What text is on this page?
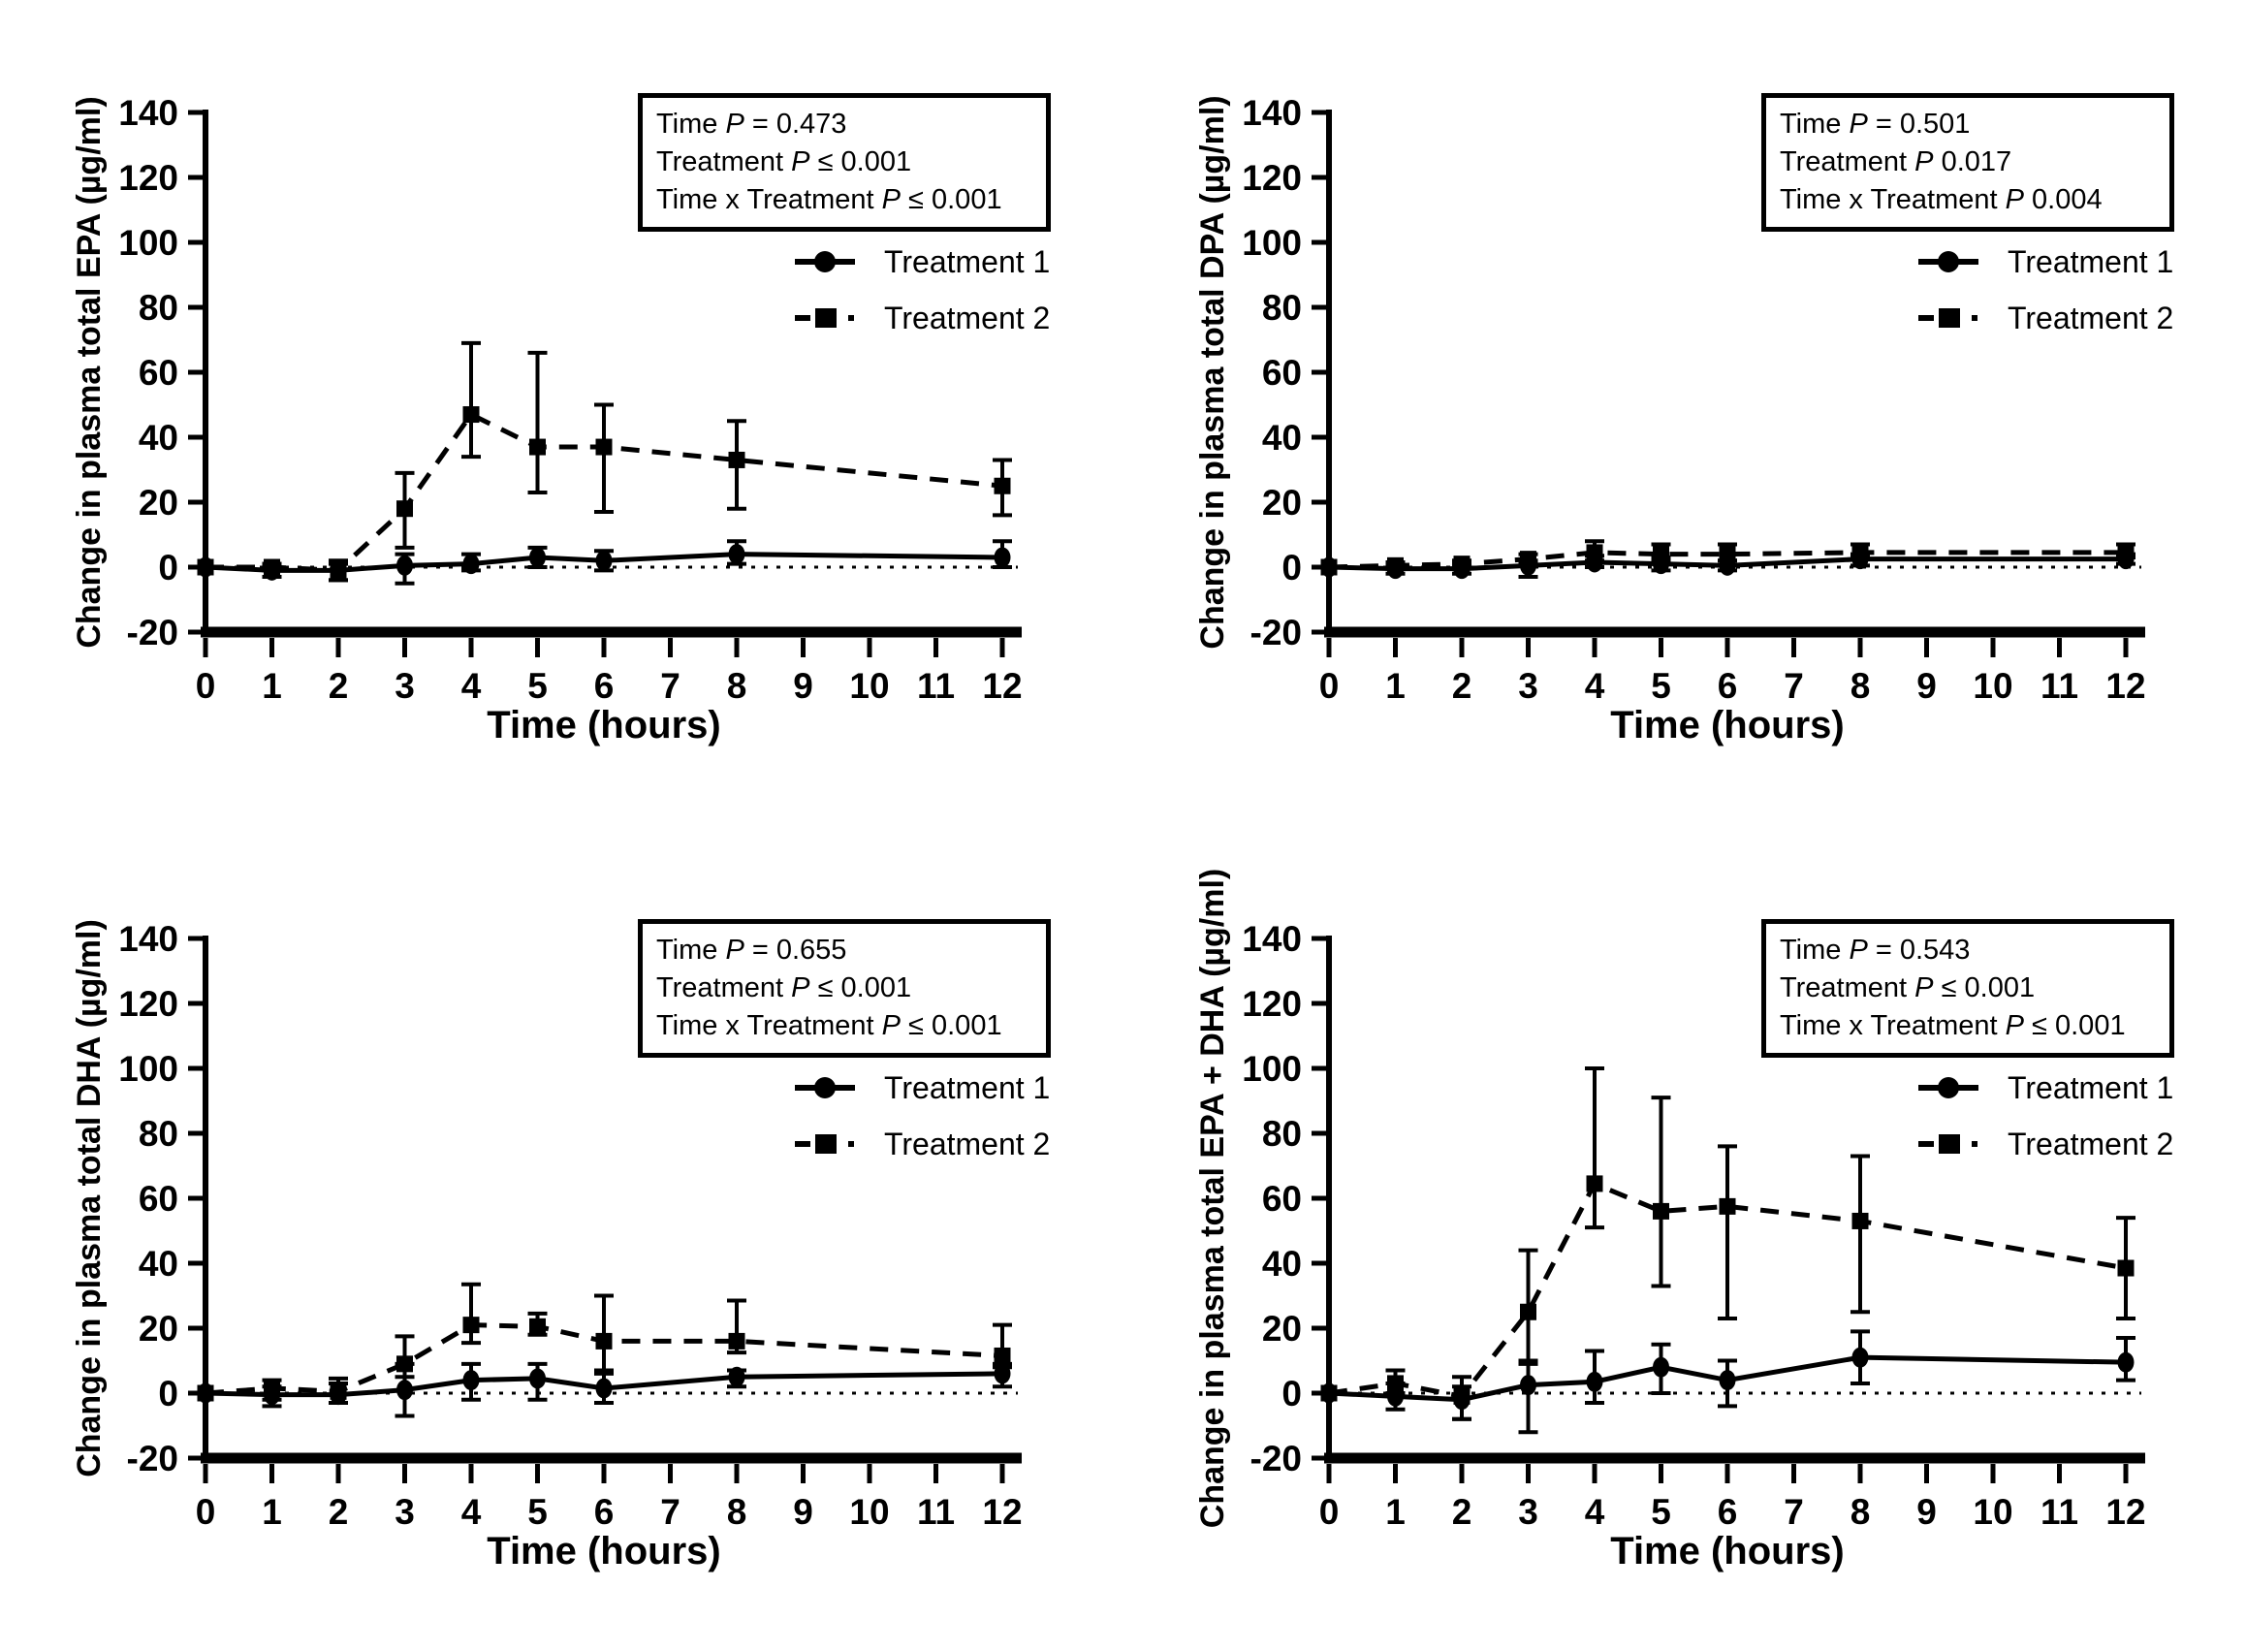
-20
0
20
40
60
80
100
120
140
0 1 2 3 4 5 6 7 8 9 10 11 12
Change in plasma total EPA (µg/ml)
Time (hours)
Time P = 0.473
Treatment P ≤ 0.001
Time x Treatment P ≤ 0.001
Treatment 1
Treatment 2
-20
0
20
40
60
80
100
120
140
0 1 2 3 4 5 6 7 8 9 10 11 12
Change in plasma total DPA (µg/ml)
Time (hours)
Time P = 0.501
Treatment P 0.017
Time x Treatment P 0.004
Treatment 1
Treatment 2
-20
0
20
40
60
80
100
120
140
0 1 2 3 4 5 6 7 8 9 10 11 12
Change in plasma total DHA (µg/ml)
Time (hours)
Time P = 0.655
Treatment P ≤ 0.001
Time x Treatment P ≤ 0.001
Treatment 1
Treatment 2
-20
0
20
40
60
80
100
120
140
0 1 2 3 4 5 6 7 8 9 10 11 12
Change in plasma total EPA + DHA (µg/ml)
Time (hours)
Time P = 0.543
Treatment P ≤ 0.001
Time x Treatment P ≤ 0.001
Treatment 1
Treatment 2
